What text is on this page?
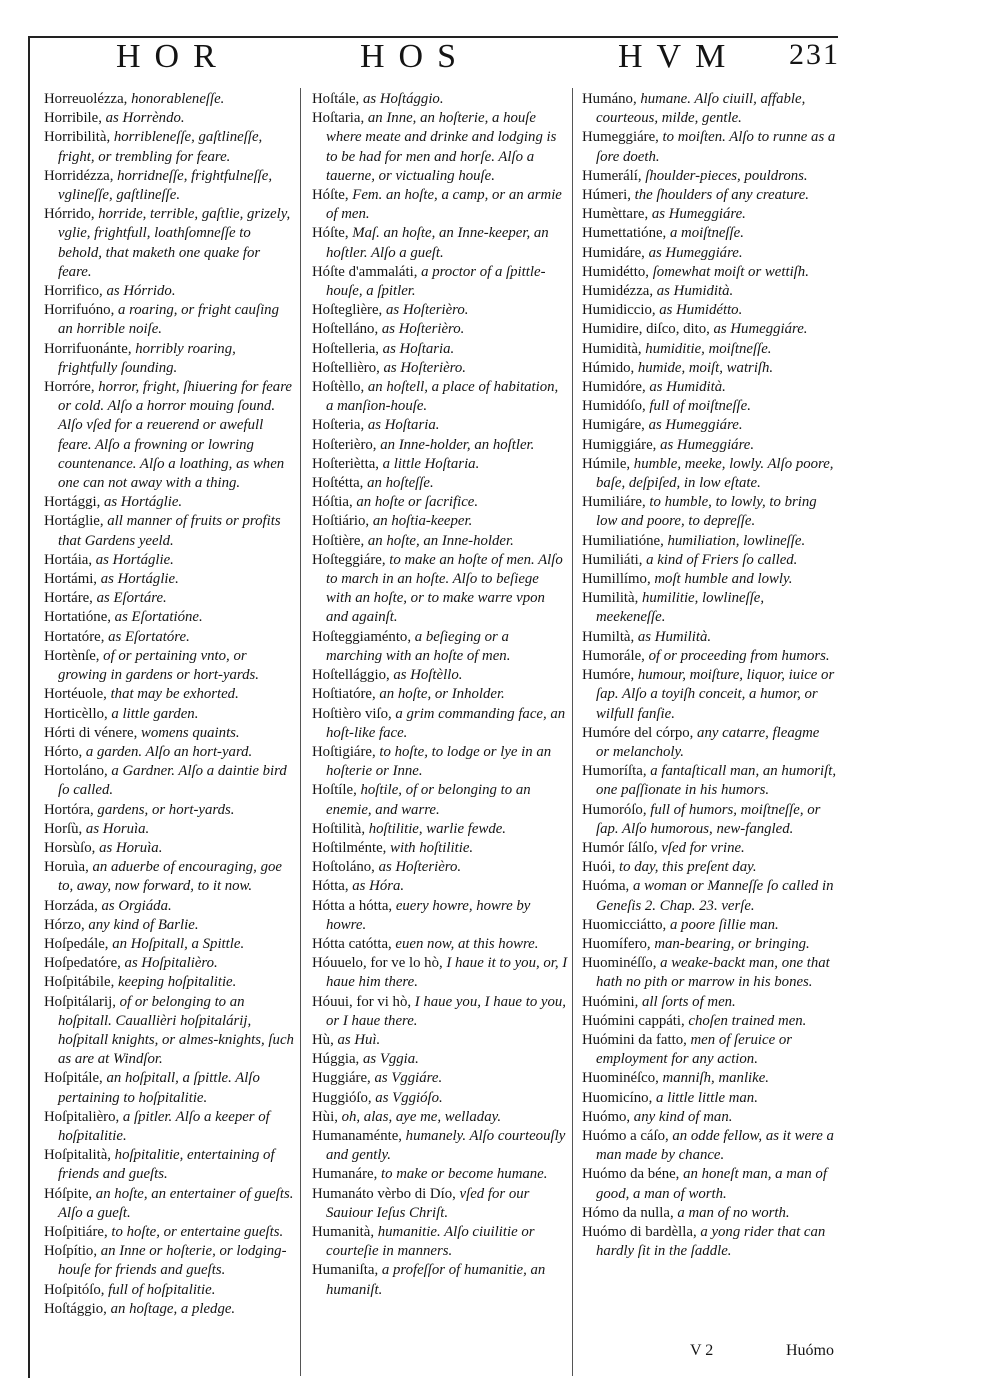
HOR	HOS	HVM 231

Horreuolézza, honorableneſſe.

Horribile, as Horrèndo.

Horribilità, horribleneſſe, gaſtlineſſe, fright, or trembling for feare.

Horridézza, horridneſſe, frightfulneſſe, vglineſſe, gaſtlineſſe.

Hórrido, horride, terrible, gaſtlie, grizely, vglie, frightfull, loathſomneſſe to behold, that maketh one quake for feare.

Horrifico, as Hórrido.

Horrifuóno, a roaring, or fright cauſing an horrible noiſe.

Horrifuonánte, horribly roaring, frightfully ſounding.

Horróre, horror, fright, ſhiuering for feare or cold. Alſo a horror mouing ſound. Alſo vſed for a reuerend or awefull feare. Alſo a frowning or lowring countenance. Alſo a loathing, as when one can not away with a thing.

Hortággi, as Hortáglie.

Hortáglie, all manner of fruits or profits that Gardens yeeld.

Hortáia, as Hortáglie.

Hortámi, as Hortáglie.

Hortáre, as Eſortáre.

Hortatióne, as Eſortatióne.

Hortatóre, as Eſortatóre.

Hortènſe, of or pertaining vnto, or growing in gardens or hort-yards.

Hortéuole, that may be exhorted.

Horticèllo, a little garden.

Hórti di vénere, womens quaints.

Hórto, a garden. Alſo an hort-yard.

Hortoláno, a Gardner. Alſo a daintie bird ſo called.

Hortóra, gardens, or hort-yards.

Horſù, as Horuìa.

Horsùſo, as Horuìa.

Horuìa, an aduerbe of encouraging, goe to, away, now forward, to it now.

Horzáda, as Orgiáda.

Hórzo, any kind of Barlie.

Hoſpedále, an Hoſpitall, a Spittle.

Hoſpedatóre, as Hoſpitalièro.

Hoſpitábile, keeping hoſpitalitie.

Hoſpitálarij, of or belonging to an hoſpitall. Cauallièri hoſpitalárij, hoſpitall knights, or almes-knights, ſuch as are at Windſor.

Hoſpitále, an hoſpitall, a ſpittle. Alſo pertaining to hoſpitalitie.

Hoſpitalièro, a ſpitler. Alſo a keeper of hoſpitalitie.

Hoſpitalità, hoſpitalitie, entertaining of friends and gueſts.

Hóſpite, an hoſte, an entertainer of gueſts. Alſo a gueſt.

Hoſpitiáre, to hoſte, or entertaine gueſts.

Hoſpítio, an Inne or hoſterie, or lodging-houſe for friends and gueſts.

Hoſpitóſo, full of hoſpitalitie.

Hoſtággio, an hoſtage, a pledge.

Hoſtále, as Hoſtággio.

Hoſtaria, an Inne, an hoſterie, a houſe where meate and drinke and lodging is to be had for men and horſe. Alſo a tauerne, or victualing houſe.

Hóſte, Fem. an hoſte, a camp, or an armie of men.

Hóſte, Maſ. an hoſte, an Inne-keeper, an hoſtler. Alſo a gueſt.

Hóſte d'ammaláti, a proctor of a ſpittle-houſe, a ſpitler.

Hoſteglière, as Hoſterièro.

Hoſtelláno, as Hoſterièro.

Hoſtelleria, as Hoſtaria.

Hoſtellièro, as Hoſterièro.

Hoſtèllo, an hoſtell, a place of habitation, a manſion-houſe.

Hoſteria, as Hoſtaria.

Hoſterièro, an Inne-holder, an hoſtler.

Hoſteriètta, a little Hoſtaria.

Hoſtétta, an hoſteſſe.

Hóſtia, an hoſte or ſacrifice.

Hoſtiário, an hoſtia-keeper.

Hoſtière, an hoſte, an Inne-holder.

Hoſteggiáre, to make an hoſte of men. Alſo to march in an hoſte. Alſo to beſiege with an hoſte, or to make warre vpon and againſt.

Hoſteggiaménto, a beſieging or a marching with an hoſte of men.

Hoſtellággio, as Hoſtèllo.

Hoſtiatóre, an hoſte, or Inholder.

Hoſtièro viſo, a grim commanding face, an hoſt-like face.

Hoſtigiáre, to hoſte, to lodge or lye in an hoſterie or Inne.

Hoſtíle, hoſtile, of or belonging to an enemie, and warre.

Hoſtilità, hoſtilitie, warlie fewde.

Hoſtilménte, with hoſtilitie.

Hoſtoláno, as Hoſterièro.

Hótta, as Hóra.

Hótta a hótta, euery howre, howre by howre.

Hótta catótta, euen now, at this howre.

Hóuuelo, for ve lo hò, I haue it to you, or, I haue him there.

Hóuui, for vi hò, I haue you, I haue to you, or I haue there.

Hù, as Huì.

Húggia, as Vggia.

Huggiáre, as Vggiáre.

Huggióſo, as Vggióſo.

Hùi, oh, alas, aye me, welladay.

Humanaménte, humanely. Alſo courteouſly and gently.

Humanáre, to make or become humane.

Humanáto vèrbo di Dío, vſed for our Sauiour Ieſus Chriſt.

Humanità, humanitie. Alſo ciuilitie or courteſie in manners.

Humaniſta, a profeſſor of humanitie, an humaniſt.

Humáno, humane. Alſo ciuill, affable, courteous, milde, gentle.

Humeggiáre, to moiſten. Alſo to runne as a ſore doeth.

Humerálí, ſhoulder-pieces, pouldrons.

Húmeri, the ſhoulders of any creature.

Humèttare, as Humeggiáre.

Humettatióne, a moiſtneſſe.

Humidáre, as Humeggiáre.

Humidétto, ſomewhat moiſt or wettiſh.

Humidézza, as Humidità.

Humidiccio, as Humidétto.

Humidire, diſco, dito, as Humeggiáre.

Humidità, humiditie, moiſtneſſe.

Húmido, humide, moiſt, watriſh.

Humidóre, as Humidità.

Humidóſo, full of moiſtneſſe.

Humigáre, as Humeggiáre.

Humiggiáre, as Humeggiáre.

Húmile, humble, meeke, lowly. Alſo poore, baſe, deſpiſed, in low eſtate.

Humiliáre, to humble, to lowly, to bring low and poore, to depreſſe.

Humiliatióne, humiliation, lowlineſſe.

Humiliáti, a kind of Friers ſo called.

Humillímo, moſt humble and lowly.

Humilità, humilitie, lowlineſſe, meekeneſſe.

Humiltà, as Humilità.

Humorále, of or proceeding from humors.

Humóre, humour, moiſture, liquor, iuice or ſap. Alſo a toyiſh conceit, a humor, or wilfull fanſie.

Humóre del córpo, any catarre, fleagme or melancholy.

Humoríſta, a fantaſticall man, an humoriſt, one paſſionate in his humors.

Humoróſo, full of humors, moiſtneſſe, or ſap. Alſo humorous, new-fangled.

Humór ſálſo, vſed for vrine.

Huói, to day, this preſent day.

Huóma, a woman or Manneſſe ſo called in Geneſis 2. Chap. 23. verſe.

Huomicciátto, a poore ſillie man.

Huomífero, man-bearing, or bringing.

Huominéſſo, a weake-backt man, one that hath no pith or marrow in his bones.

Huómini, all ſorts of men.

Huómini cappáti, choſen trained men.

Huómini da fatto, men of ſeruice or employment for any action.

Huominéſco, manniſh, manlike.

Huomicíno, a little little man.

Huómo, any kind of man.

Huómo a cáſo, an odde fellow, as it were a man made by chance.

Huómo da béne, an honeſt man, a man of good, a man of worth.

Hómo da nulla, a man of no worth.

Huómo di bardèlla, a yong rider that can hardly ſit in the ſaddle.

V 2	Huómo
